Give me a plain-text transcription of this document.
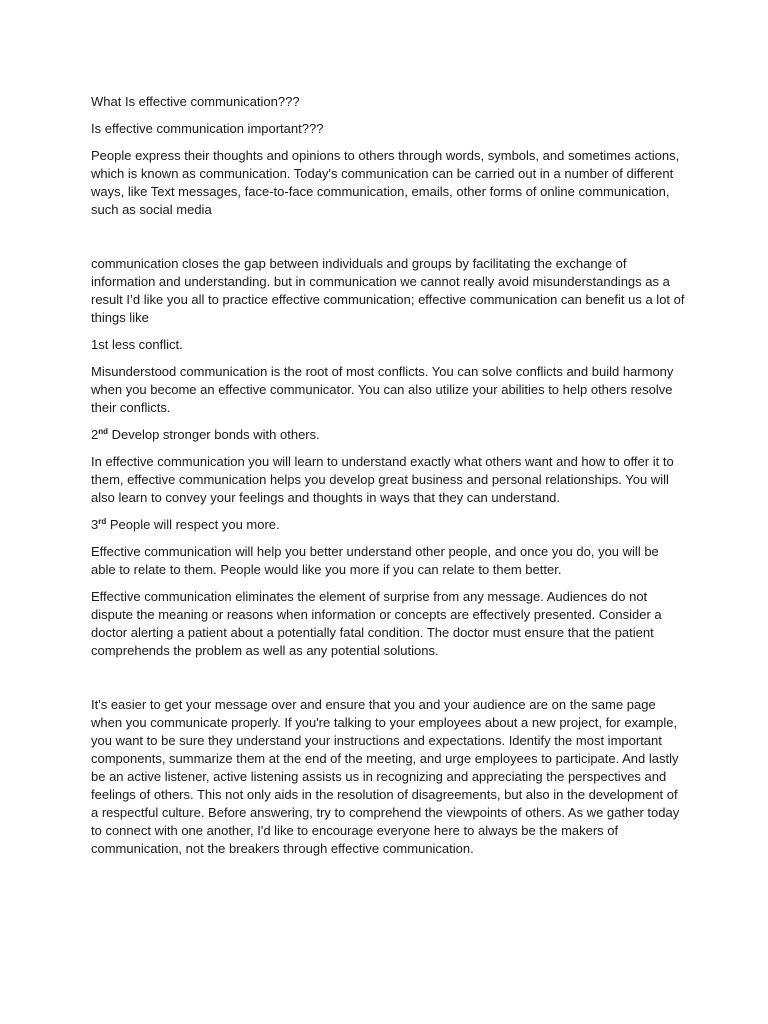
What Is effective communication???

Is effective communication important???

People express their thoughts and opinions to others through words, symbols, and sometimes actions, which is known as communication. Today's communication can be carried out in a number of different ways, like Text messages, face-to-face communication, emails, other forms of online communication, such as social media

communication closes the gap between individuals and groups by facilitating the exchange of information and understanding. but in communication we cannot really avoid misunderstandings as a result I’d like you all to practice effective communication; effective communication can benefit us a lot of things like

1st less conflict.

Misunderstood communication is the root of most conflicts. You can solve conflicts and build harmony when you become an effective communicator. You can also utilize your abilities to help others resolve their conflicts.

2nd Develop stronger bonds with others.

In effective communication you will learn to understand exactly what others want and how to offer it to them, effective communication helps you develop great business and personal relationships. You will also learn to convey your feelings and thoughts in ways that they can understand.

3rd People will respect you more.

Effective communication will help you better understand other people, and once you do, you will be able to relate to them. People would like you more if you can relate to them better.

Effective communication eliminates the element of surprise from any message. Audiences do not dispute the meaning or reasons when information or concepts are effectively presented. Consider a doctor alerting a patient about a potentially fatal condition. The doctor must ensure that the patient comprehends the problem as well as any potential solutions.

It's easier to get your message over and ensure that you and your audience are on the same page when you communicate properly. If you're talking to your employees about a new project, for example, you want to be sure they understand your instructions and expectations. Identify the most important components, summarize them at the end of the meeting, and urge employees to participate. And lastly be an active listener, active listening assists us in recognizing and appreciating the perspectives and feelings of others. This not only aids in the resolution of disagreements, but also in the development of a respectful culture. Before answering, try to comprehend the viewpoints of others. As we gather today to connect with one another, I'd like to encourage everyone here to always be the makers of communication, not the breakers through effective communication.
